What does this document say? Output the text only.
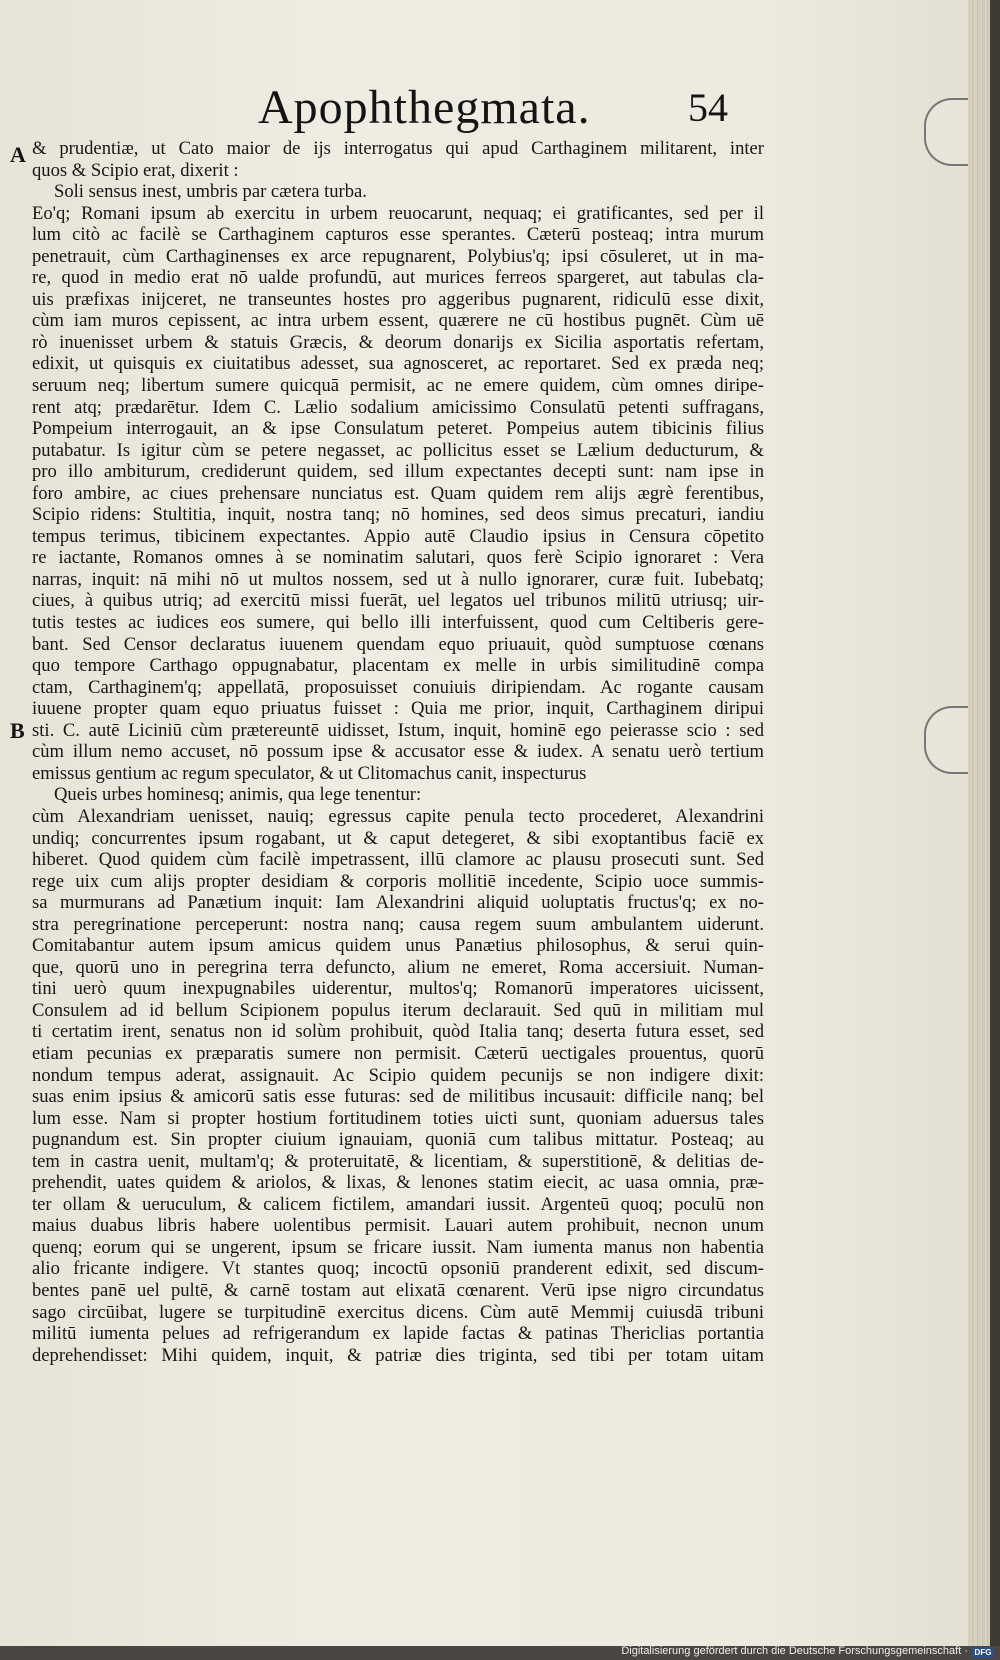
Apophthegmata. 54
A
B
& prudentiæ, ut Cato maior de ijs interrogatus qui apud Carthaginem militarent, inter
quos & Scipio erat, dixerit :
Soli sensus inest, umbris par cætera turba.
Eo'q; Romani ipsum ab exercitu in urbem reuocarunt, nequaq; ei gratificantes, sed per il
lum citò ac facilè se Carthaginem capturos esse sperantes. Cæterū posteaq; intra murum
penetrauit, cùm Carthaginenses ex arce repugnarent, Polybius'q; ipsi cōsuleret, ut in ma-
re, quod in medio erat nō ualde profundū, aut murices ferreos spargeret, aut tabulas cla-
uis præfixas inijceret, ne transeuntes hostes pro aggeribus pugnarent, ridiculū esse dixit,
cùm iam muros cepissent, ac intra urbem essent, quærere ne cū hostibus pugnēt. Cùm uē
rò inuenisset urbem & statuis Græcis, & deorum donarijs ex Sicilia asportatis refertam,
edixit, ut quisquis ex ciuitatibus adesset, sua agnosceret, ac reportaret. Sed ex præda neq;
seruum neq; libertum sumere quicquā permisit, ac ne emere quidem, cùm omnes diripe-
rent atq; prædarētur. Idem C. Lælio sodalium amicissimo Consulatū petenti suffragans,
Pompeium interrogauit, an & ipse Consulatum peteret. Pompeius autem tibicinis filius
putabatur. Is igitur cùm se petere negasset, ac pollicitus esset se Lælium deducturum, &
pro illo ambiturum, crediderunt quidem, sed illum expectantes decepti sunt: nam ipse in
foro ambire, ac ciues prehensare nunciatus est. Quam quidem rem alijs ægrè ferentibus,
Scipio ridens: Stultitia, inquit, nostra tanq; nō homines, sed deos simus precaturi, iandiu
tempus terimus, tibicinem expectantes. Appio autē Claudio ipsius in Censura cōpetito
re iactante, Romanos omnes à se nominatim salutari, quos ferè Scipio ignoraret : Vera
narras, inquit: nā mihi nō ut multos nossem, sed ut à nullo ignorarer, curæ fuit. Iubebatq;
ciues, à quibus utriq; ad exercitū missi fuerāt, uel legatos uel tribunos militū utriusq; uir-
tutis testes ac iudices eos sumere, qui bello illi interfuissent, quod cum Celtiberis gere-
bant. Sed Censor declaratus iuuenem quendam equo priuauit, quòd sumptuose cœnans
quo tempore Carthago oppugnabatur, placentam ex melle in urbis similitudinē compa
ctam, Carthaginem'q; appellatā, proposuisset conuiuis diripiendam. Ac rogante causam
iuuene propter quam equo priuatus fuisset : Quia me prior, inquit, Carthaginem diripui
sti. C. autē Liciniū cùm prætereuntē uidisset, Istum, inquit, hominē ego peierasse scio : sed
cùm illum nemo accuset, nō possum ipse & accusator esse & iudex. A senatu uerò tertium
emissus gentium ac regum speculator, & ut Clitomachus canit, inspecturus
Queis urbes hominesq; animis, qua lege tenentur:
cùm Alexandriam uenisset, nauiq; egressus capite penula tecto procederet, Alexandrini
undiq; concurrentes ipsum rogabant, ut & caput detegeret, & sibi exoptantibus faciē ex
hiberet. Quod quidem cùm facilè impetrassent, illū clamore ac plausu prosecuti sunt. Sed
rege uix cum alijs propter desidiam & corporis mollitiē incedente, Scipio uoce summis-
sa murmurans ad Panætium inquit: Iam Alexandrini aliquid uoluptatis fructus'q; ex no-
stra peregrinatione perceperunt: nostra nanq; causa regem suum ambulantem uiderunt.
Comitabantur autem ipsum amicus quidem unus Panætius philosophus, & serui quin-
que, quorū uno in peregrina terra defuncto, alium ne emeret, Roma accersiuit. Numan-
tini uerò quum inexpugnabiles uiderentur, multos'q; Romanorū imperatores uicissent,
Consulem ad id bellum Scipionem populus iterum declarauit. Sed quū in militiam mul
ti certatim irent, senatus non id solùm prohibuit, quòd Italia tanq; deserta futura esset, sed
etiam pecunias ex præparatis sumere non permisit. Cæterū uectigales prouentus, quorū
nondum tempus aderat, assignauit. Ac Scipio quidem pecunijs se non indigere dixit:
suas enim ipsius & amicorū satis esse futuras: sed de militibus incusauit: difficile nanq; bel
lum esse. Nam si propter hostium fortitudinem toties uicti sunt, quoniam aduersus tales
pugnandum est. Sin propter ciuium ignauiam, quoniā cum talibus mittatur. Posteaq; au
tem in castra uenit, multam'q; & proteruitatē, & licentiam, & superstitionē, & delitias de-
prehendit, uates quidem & ariolos, & lixas, & lenones statim eiecit, ac uasa omnia, præ-
ter ollam & ueruculum, & calicem fictilem, amandari iussit. Argenteū quoq; poculū non
maius duabus libris habere uolentibus permisit. Lauari autem prohibuit, necnon unum
quenq; eorum qui se ungerent, ipsum se fricare iussit. Nam iumenta manus non habentia
alio fricante indigere. Vt stantes quoq; incoctū opsoniū pranderent edixit, sed discum-
bentes panē uel pultē, & carnē tostam aut elixatā cœnarent. Verū ipse nigro circundatus
sago circūibat, lugere se turpitudinē exercitus dicens. Cùm autē Memmij cuiusdā tribuni
militū iumenta pelues ad refrigerandum ex lapide factas & patinas Thericlias portantia
deprehendisset: Mihi quidem, inquit, & patriæ dies triginta, sed tibi per totam uitam
Digitalisierung gefördert durch die Deutsche Forschungsgemeinschaft · DFG
